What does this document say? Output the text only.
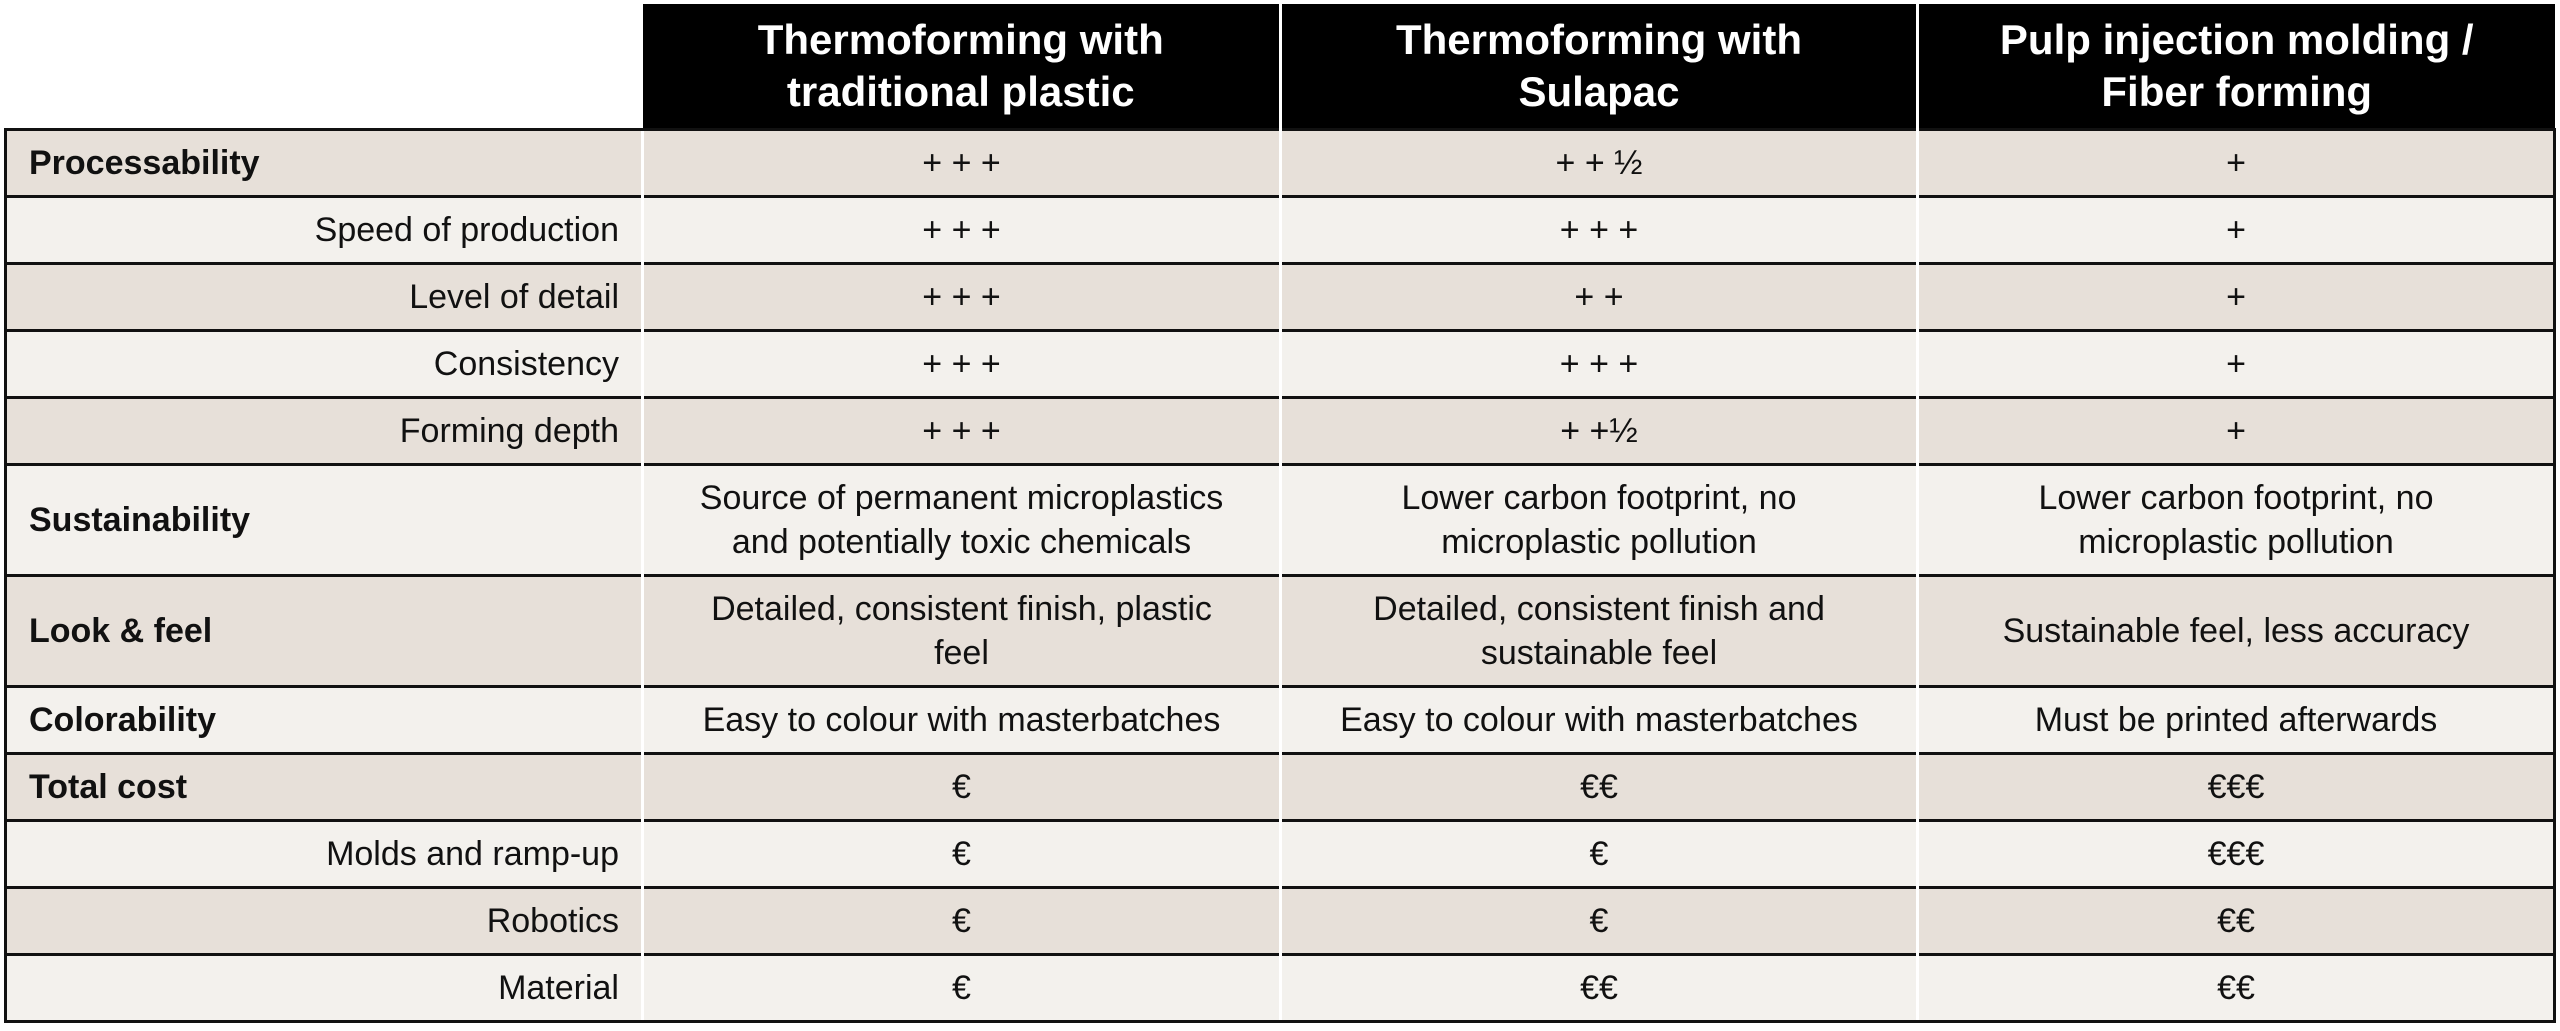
	Thermoforming with traditional plastic	Thermoforming with Sulapac	Pulp injection molding / Fiber forming
Processability	+ + +	+ + ½	+
Speed of production	+ + +	+ + +	+
Level of detail	+ + +	+ +	+
Consistency	+ + +	+ + +	+
Forming depth	+ + +	+ +½	+
Sustainability	Source of permanent microplastics and potentially toxic chemicals	Lower carbon footprint, no microplastic pollution	Lower carbon footprint, no microplastic pollution
Look & feel	Detailed, consistent finish, plastic feel	Detailed, consistent finish and sustainable feel	Sustainable feel, less accuracy
Colorability	Easy to colour with masterbatches	Easy to colour with masterbatches	Must be printed afterwards
Total cost	€	€€	€€€
Molds and ramp-up	€	€	€€€
Robotics	€	€	€€
Material	€	€€	€€
